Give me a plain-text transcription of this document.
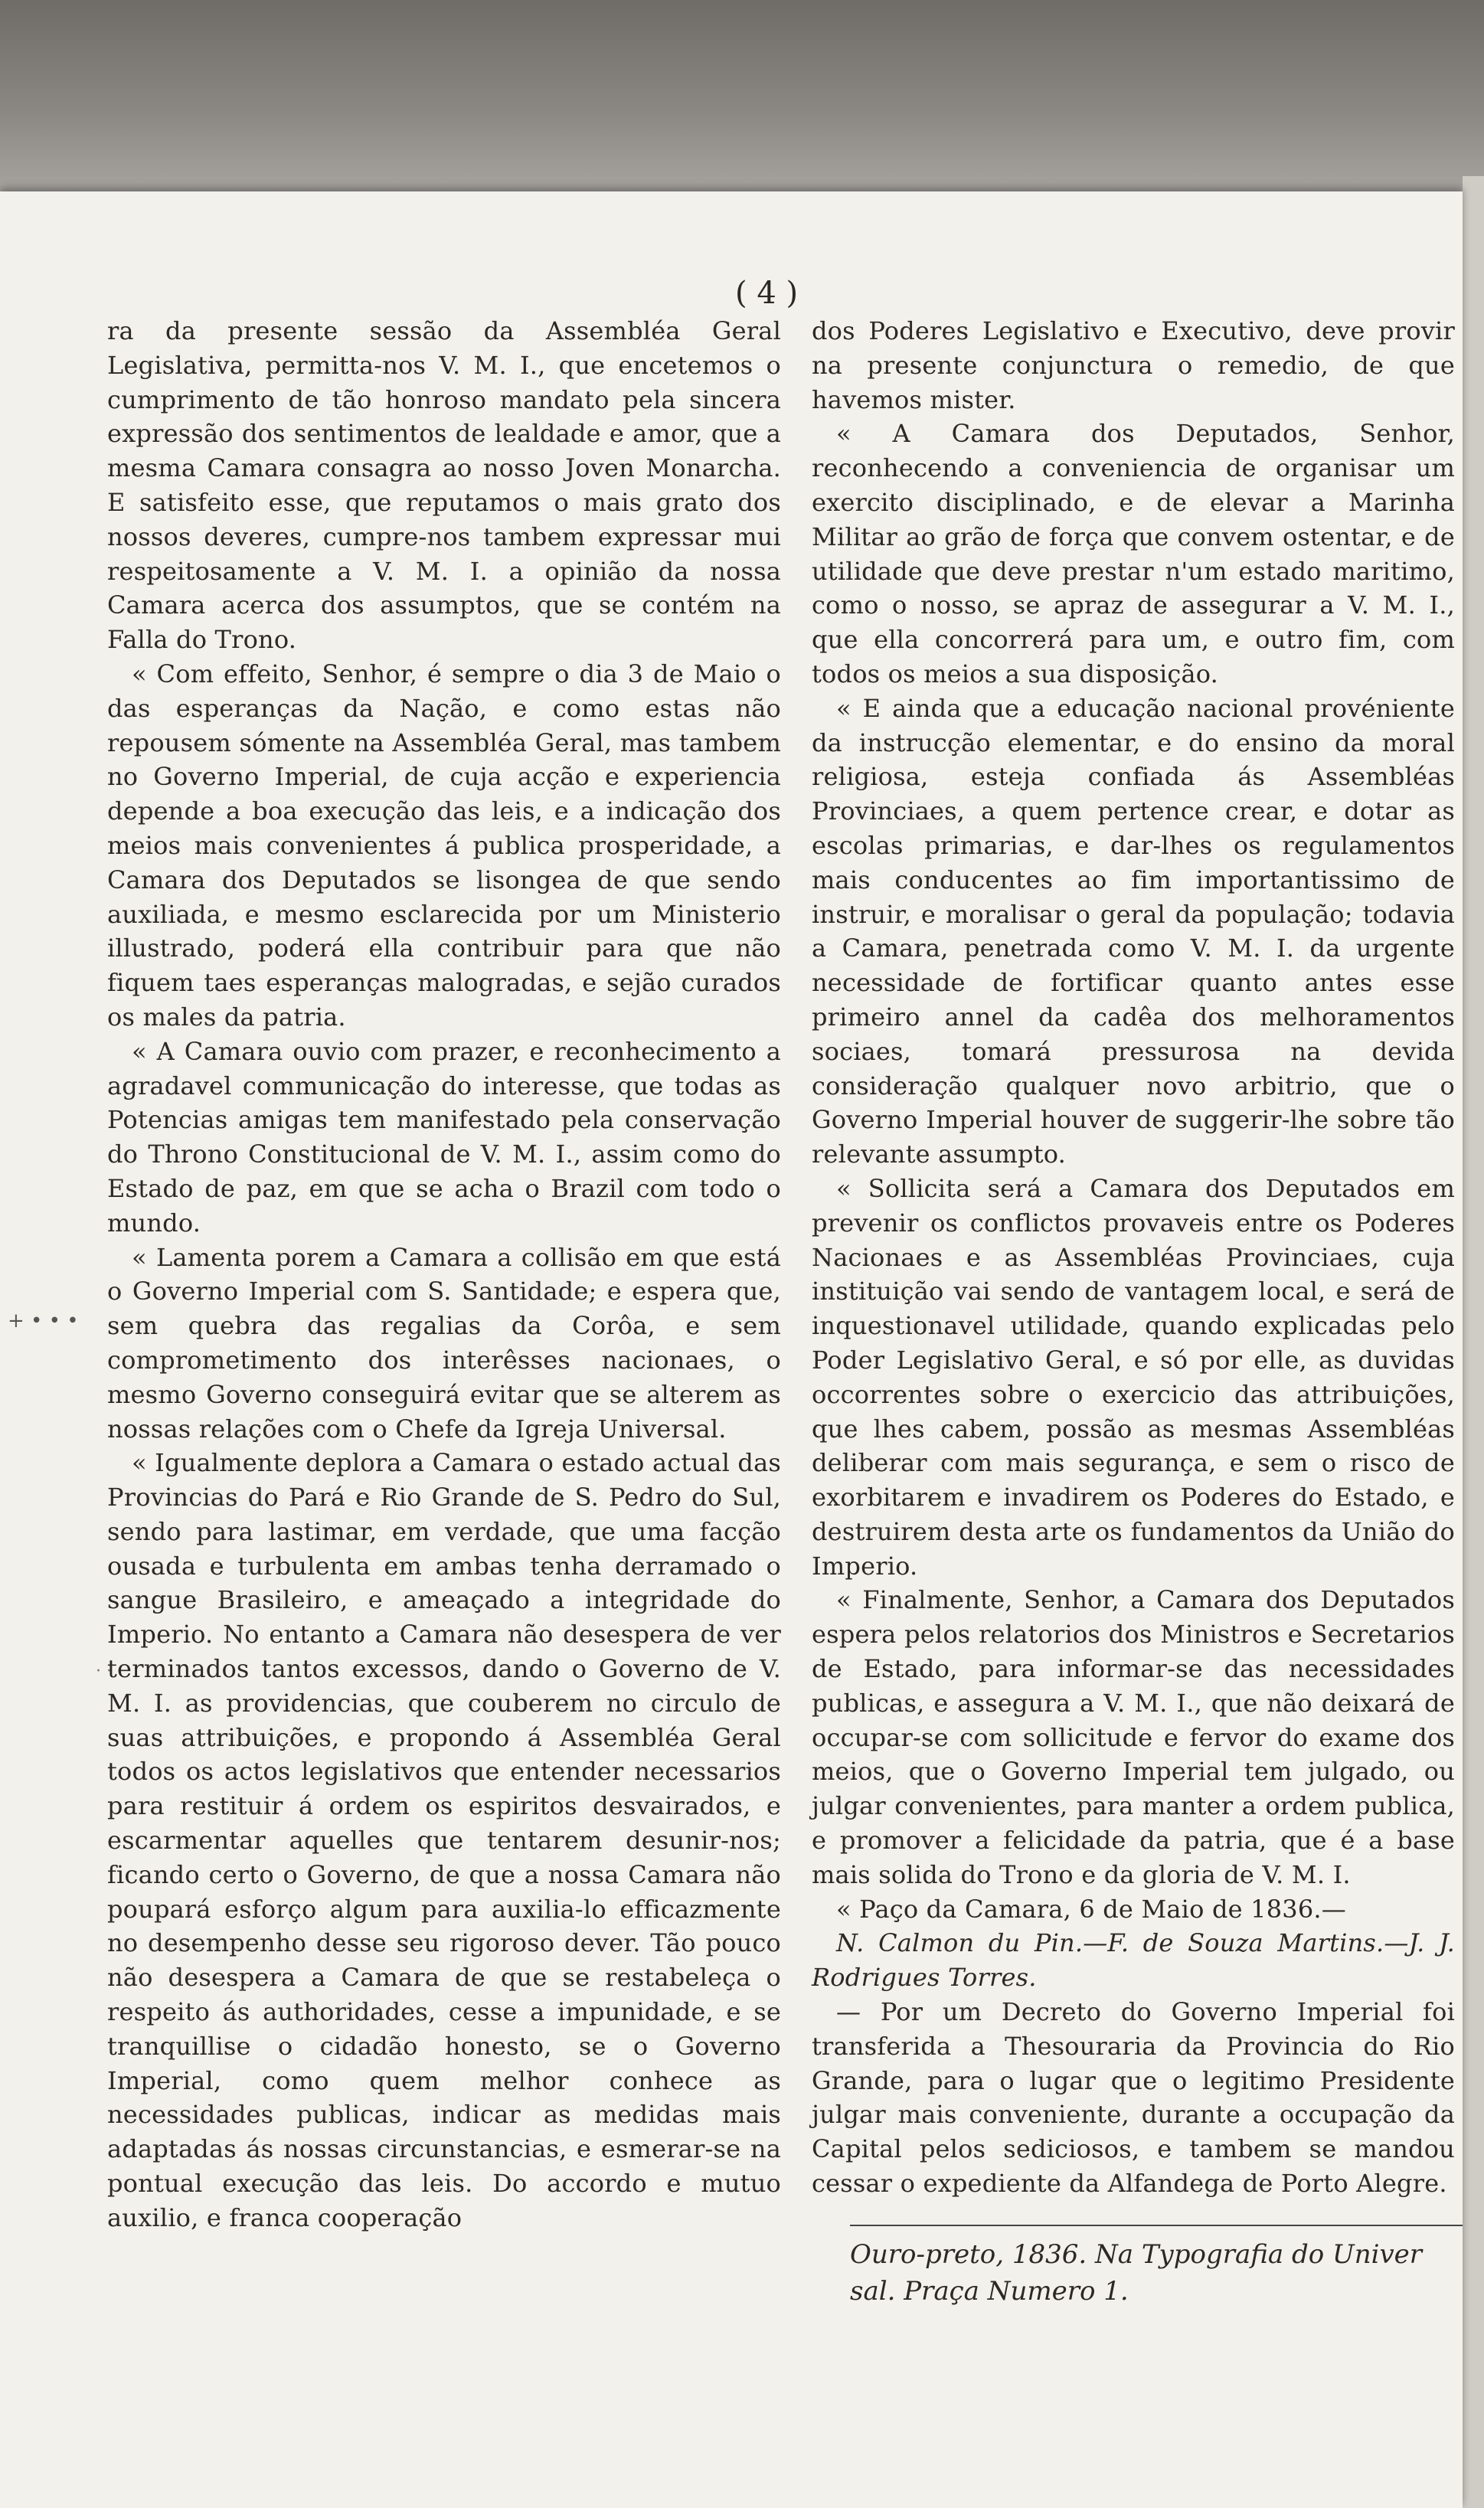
( 4 )

ra da presente sessão da Assembléa Geral Legislativa, permitta-nos V. M. I., que encetemos o cumprimento de tão honroso mandato pela sincera expressão dos sentimentos de lealdade e amor, que a mesma Camara consagra ao nosso Joven Monarcha. E satisfeito esse, que reputamos o mais grato dos nossos deveres, cumpre-nos tambem expressar mui respeitosamente a V. M. I. a opinião da nossa Camara acerca dos assumptos, que se contém na Falla do Trono.

« Com effeito, Senhor, é sempre o dia 3 de Maio o das esperanças da Nação, e como estas não repousem sómente na Assembléa Geral, mas tambem no Governo Imperial, de cuja acção e experiencia depende a boa execução das leis, e a indicação dos meios mais convenientes á publica prosperidade, a Camara dos Deputados se lisongea de que sendo auxiliada, e mesmo esclarecida por um Ministerio illustrado, poderá ella contribuir para que não fiquem taes esperanças malogradas, e sejão curados os males da patria.

« A Camara ouvio com prazer, e reconhecimento a agradavel communicação do interesse, que todas as Potencias amigas tem manifestado pela conservação do Throno Constitucional de V. M. I., assim como do Estado de paz, em que se acha o Brazil com todo o mundo.

« Lamenta porem a Camara a collisão em que está o Governo Imperial com S. Santidade; e espera que, sem quebra das regalias da Corôa, e sem comprometimento dos interêsses nacionaes, o mesmo Governo conseguirá evitar que se alterem as nossas relações com o Chefe da Igreja Universal.

« Igualmente deplora a Camara o estado actual das Provincias do Pará e Rio Grande de S. Pedro do Sul, sendo para lastimar, em verdade, que uma facção ousada e turbulenta em ambas tenha derramado o sangue Brasileiro, e ameaçado a integridade do Imperio. No entanto a Camara não desespera de ver terminados tantos excessos, dando o Governo de V. M. I. as providencias, que couberem no circulo de suas attribuições, e propondo á Assembléa Geral todos os actos legislativos que entender necessarios para restituir á ordem os espiritos desvairados, e escarmentar aquelles que tentarem desunir-nos; ficando certo o Governo, de que a nossa Camara não poupará esforço algum para auxilia-lo efficazmente no desempenho desse seu rigoroso dever. Tão pouco não desespera a Camara de que se restabeleça o respeito ás authoridades, cesse a impunidade, e se tranquillise o cidadão honesto, se o Governo Imperial, como quem melhor conhece as necessidades publicas, indicar as medidas mais adaptadas ás nossas circunstancias, e esmerar-se na pontual execução das leis. Do accordo e mutuo auxilio, e franca cooperação

dos Poderes Legislativo e Executivo, deve provir na presente conjunctura o remedio, de que havemos mister.

« A Camara dos Deputados, Senhor, reconhecendo a conveniencia de organisar um exercito disciplinado, e de elevar a Marinha Militar ao grão de força que convem ostentar, e de utilidade que deve prestar n'um estado maritimo, como o nosso, se apraz de assegurar a V. M. I., que ella concorrerá para um, e outro fim, com todos os meios a sua disposição.

« E ainda que a educação nacional provéniente da instrucção elementar, e do ensino da moral religiosa, esteja confiada ás Assembléas Provinciaes, a quem pertence crear, e dotar as escolas primarias, e dar-lhes os regulamentos mais conducentes ao fim importantissimo de instruir, e moralisar o geral da população; todavia a Camara, penetrada como V. M. I. da urgente necessidade de fortificar quanto antes esse primeiro annel da cadêa dos melhoramentos sociaes, tomará pressurosa na devida consideração qualquer novo arbitrio, que o Governo Imperial houver de suggerir-lhe sobre tão relevante assumpto.

« Sollicita será a Camara dos Deputados em prevenir os conflictos provaveis entre os Poderes Nacionaes e as Assembléas Provinciaes, cuja instituição vai sendo de vantagem local, e será de inquestionavel utilidade, quando explicadas pelo Poder Legislativo Geral, e só por elle, as duvidas occorrentes sobre o exercicio das attribuições, que lhes cabem, possão as mesmas Assembléas deliberar com mais segurança, e sem o risco de exorbitarem e invadirem os Poderes do Estado, e destruirem desta arte os fundamentos da União do Imperio.

« Finalmente, Senhor, a Camara dos Deputados espera pelos relatorios dos Ministros e Secretarios de Estado, para informar-se das necessidades publicas, e assegura a V. M. I., que não deixará de occupar-se com sollicitude e fervor do exame dos meios, que o Governo Imperial tem julgado, ou julgar convenientes, para manter a ordem publica, e promover a felicidade da patria, que é a base mais solida do Trono e da gloria de V. M. I.

« Paço da Camara, 6 de Maio de 1836.—

N. Calmon du Pin.—F. de Souza Martins.—J. J. Rodrigues Torres.

— Por um Decreto do Governo Imperial foi transferida a Thesouraria da Provincia do Rio Grande, para o lugar que o legitimo Presidente julgar mais conveniente, durante a occupação da Capital pelos sediciosos, e tambem se mandou cessar o expediente da Alfandega de Porto Alegre.

Ouro-preto, 1836. Na Typografia do Univer sal. Praça Numero 1.
+ • • •
· ·
